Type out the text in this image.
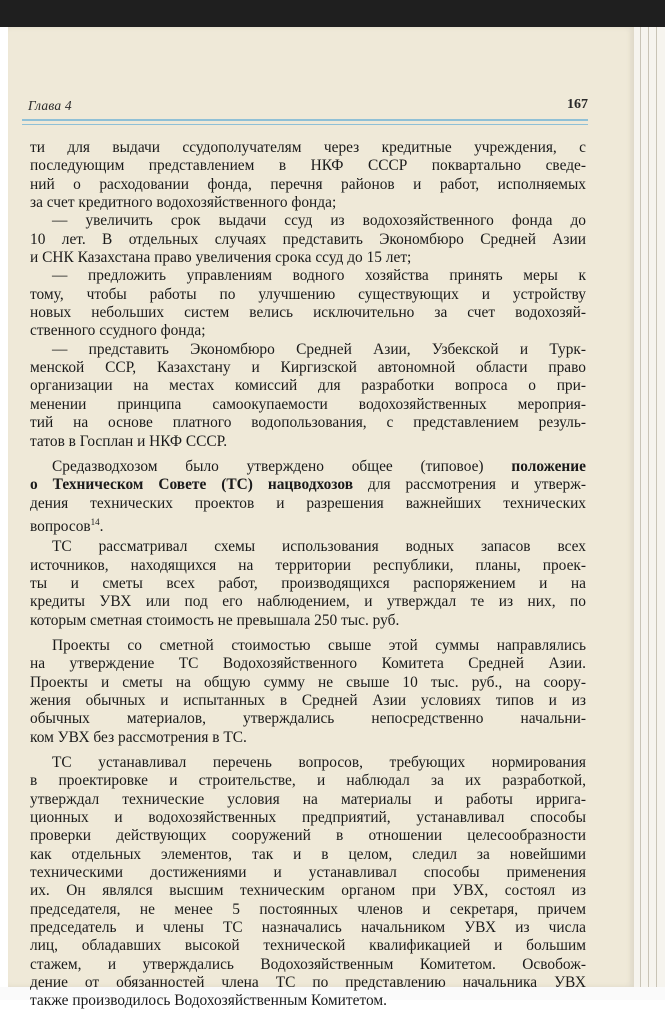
Глава 4	167
ти для выдачи ссудополучателям через кредитные учреждения, с
последующим представлением в НКФ СССР поквартально сведе-
ний о расходовании фонда, перечня районов и работ, исполняемых
за счет кредитного водохозяйственного фонда;
— увеличить срок выдачи ссуд из водохозяйственного фонда до
10 лет. В отдельных случаях представить Экономбюро Средней Азии
и СНК Казахстана право увеличения срока ссуд до 15 лет;
— предложить управлениям водного хозяйства принять меры к
тому, чтобы работы по улучшению существующих и устройству
новых небольших систем велись исключительно за счет водохозяй-
ственного ссудного фонда;
— представить Экономбюро Средней Азии, Узбекской и Турк-
менской ССР, Казахстану и Киргизской автономной области право
организации на местах комиссий для разработки вопроса о при-
менении принципа самоокупаемости водохозяйственных мероприя-
тий на основе платного водопользования, с представлением резуль-
татов в Госплан и НКФ СССР.
Средазводхозом было утверждено общее (типовое) положение
о Техническом Совете (ТС) нацводхозов для рассмотрения и утверж-
дения технических проектов и разрешения важнейших технических
вопросов$^{14}$.
ТС рассматривал схемы использования водных запасов всех
источников, находящихся на территории республики, планы, проек-
ты и сметы всех работ, производящихся распоряжением и на
кредиты УВХ или под его наблюдением, и утверждал те из них, по
которым сметная стоимость не превышала 250 тыс. руб.
Проекты со сметной стоимостью свыше этой суммы направлялись
на утверждение ТС Водохозяйственного Комитета Средней Азии.
Проекты и сметы на общую сумму не свыше 10 тыс. руб., на соору-
жения обычных и испытанных в Средней Азии условиях типов и из
обычных материалов, утверждались непосредственно начальни-
ком УВХ без рассмотрения в ТС.
ТС устанавливал перечень вопросов, требующих нормирования
в проектировке и строительстве, и наблюдал за их разработкой,
утверждал технические условия на материалы и работы ирригa-
ционных и водохозяйственных предприятий, устанавливал способы
проверки действующих сооружений в отношении целесообразности
как отдельных элементов, так и в целом, следил за новейшими
техническими достижениями и устанавливал способы применения
их. Он являлся высшим техническим органом при УВХ, состоял из
председателя, не менее 5 постоянных членов и секретаря, причем
председатель и члены ТС назначались начальником УВХ из числа
лиц, обладавших высокой технической квалификацией и большим
стажем, и утверждались Водохозяйственным Комитетом. Освобож-
дение от обязанностей члена ТС по представлению начальника УВХ
также производилось Водохозяйственным Комитетом.
